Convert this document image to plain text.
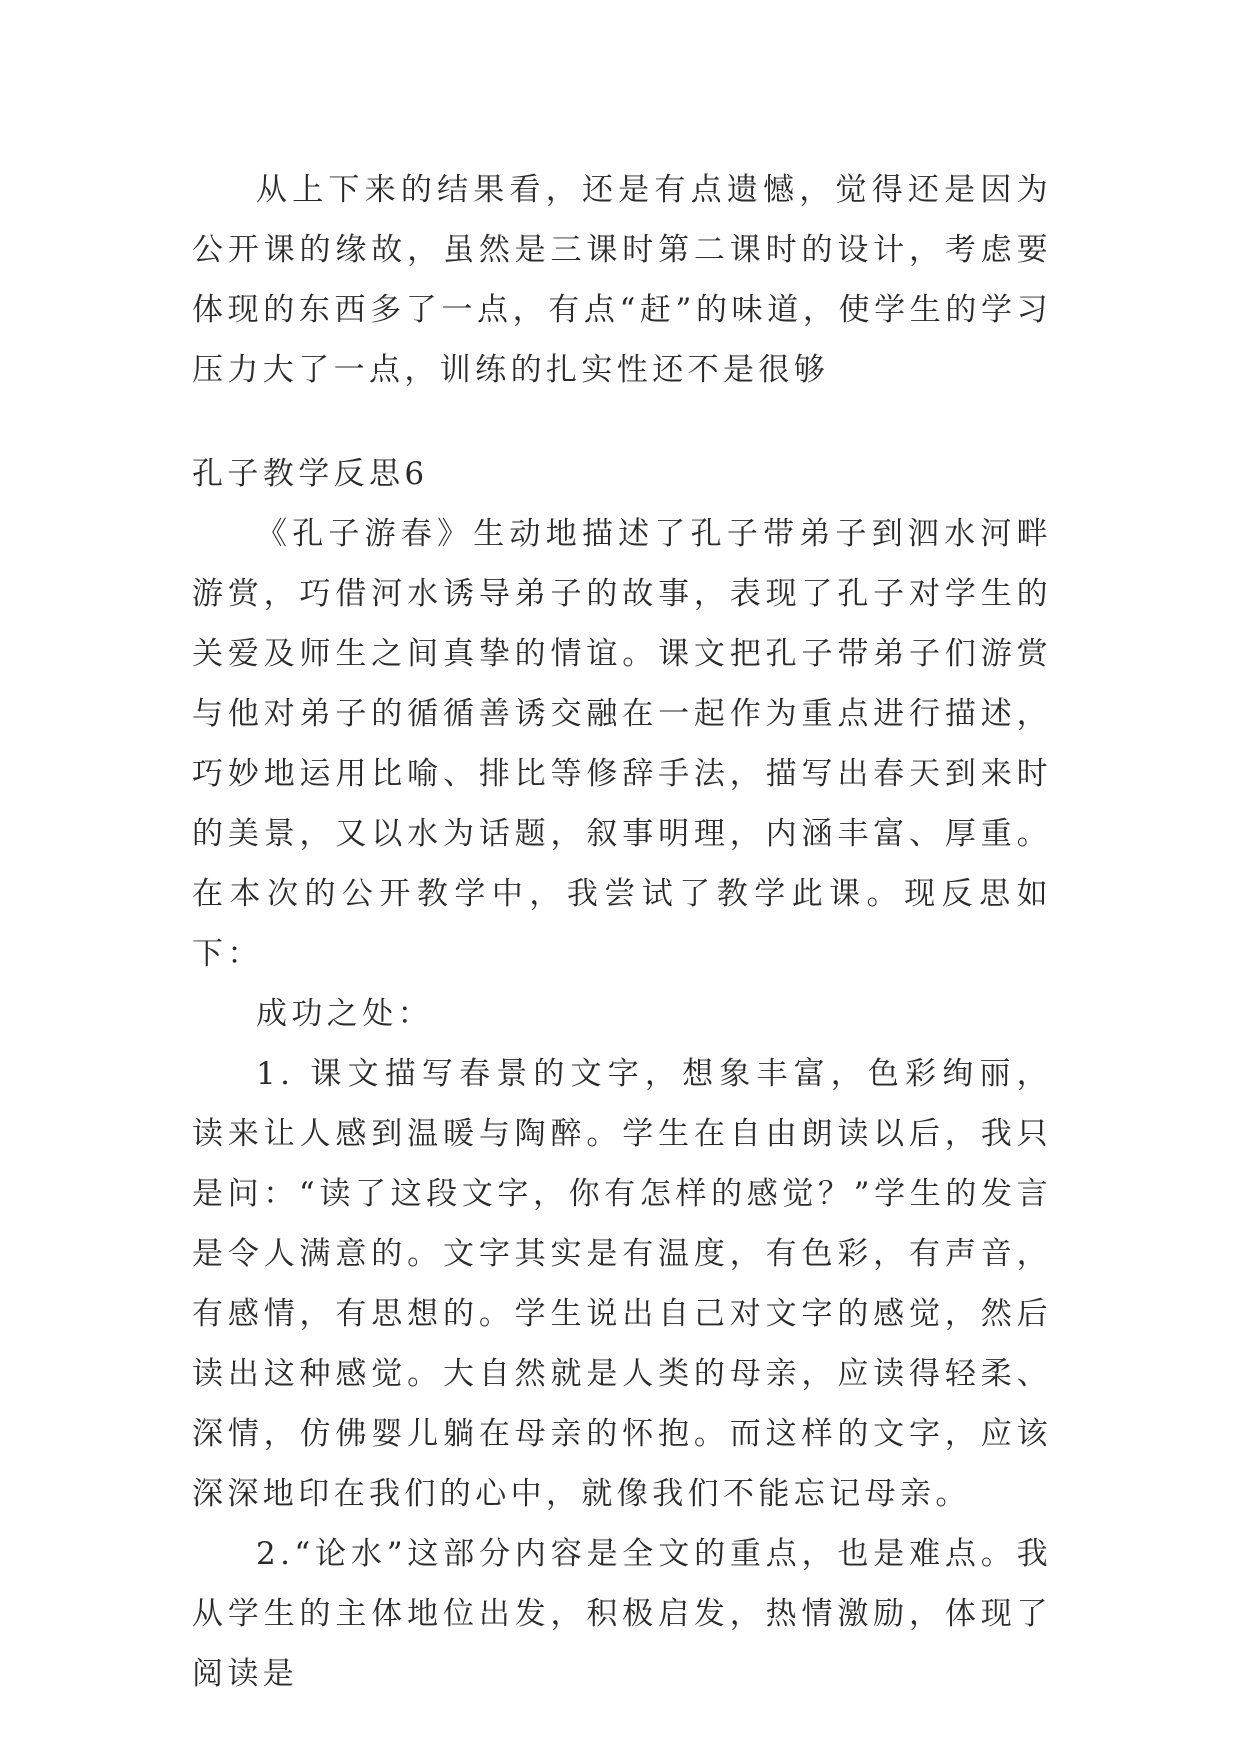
从上下来的结果看，还是有点遗憾，觉得还是因为公开课的缘故，虽然是三课时第二课时的设计，考虑要体现的东西多了一点，有点“赶”的味道，使学生的学习压力大了一点，训练的扎实性还不是很够

孔子教学反思6

《孔子游春》生动地描述了孔子带弟子到泗水河畔游赏，巧借河水诱导弟子的故事，表现了孔子对学生的关爱及师生之间真挚的情谊。课文把孔子带弟子们游赏与他对弟子的循循善诱交融在一起作为重点进行描述，巧妙地运用比喻、排比等修辞手法，描写出春天到来时的美景，又以水为话题，叙事明理，内涵丰富、厚重。在本次的公开教学中，我尝试了教学此课。现反思如下：

成功之处：

1. 课文描写春景的文字，想象丰富，色彩绚丽，读来让人感到温暖与陶醉。学生在自由朗读以后，我只是问：“读了这段文字，你有怎样的感觉？”学生的发言是令人满意的。文字其实是有温度，有色彩，有声音，有感情，有思想的。学生说出自己对文字的感觉，然后读出这种感觉。大自然就是人类的母亲，应读得轻柔、深情，仿佛婴儿躺在母亲的怀抱。而这样的文字，应该深深地印在我们的心中，就像我们不能忘记母亲。

2.“论水”这部分内容是全文的重点，也是难点。我从学生的主体地位出发，积极启发，热情激励，体现了阅读是
